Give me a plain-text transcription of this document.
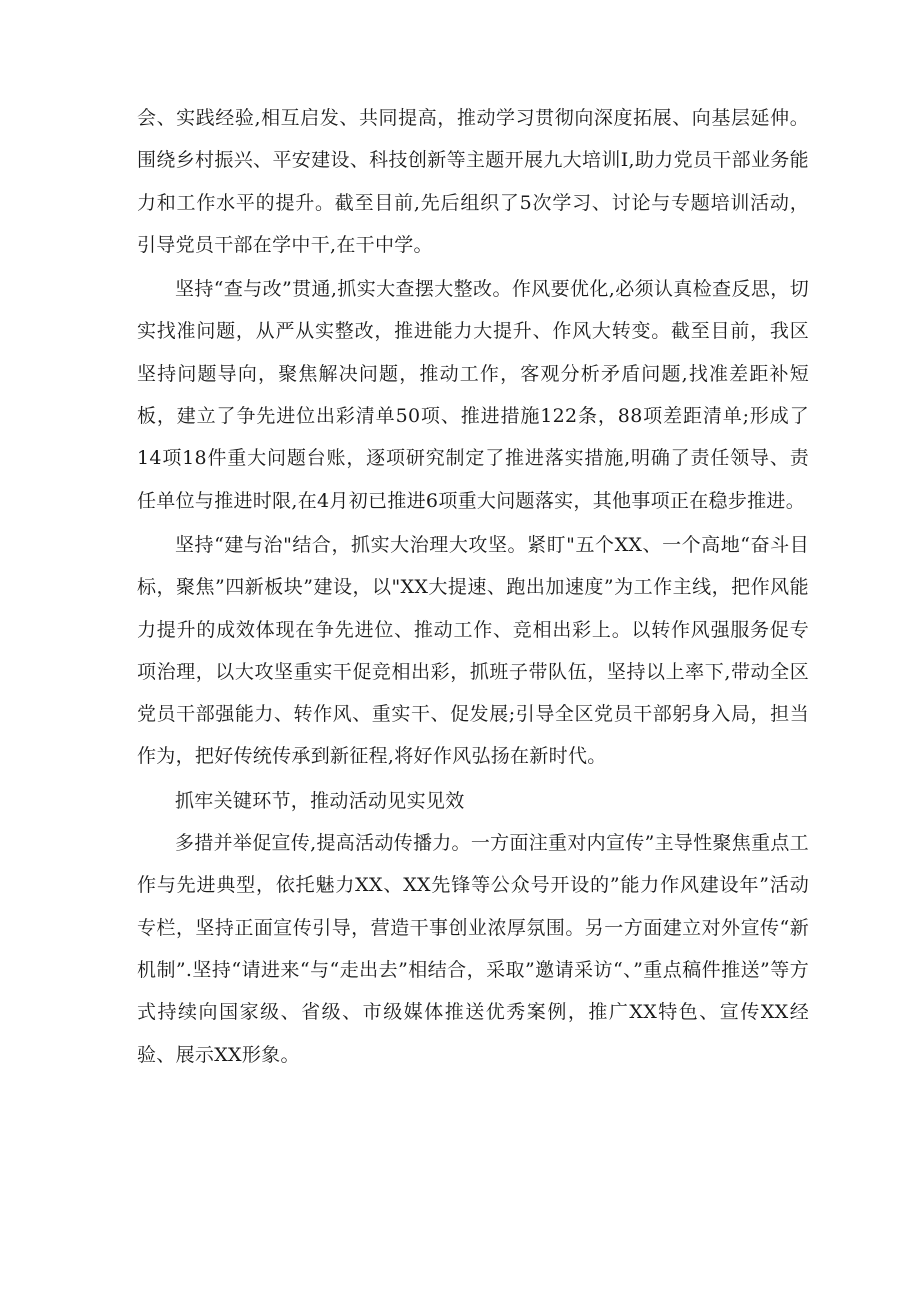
会、实践经验,相互启发、共同提高，推动学习贯彻向深度拓展、向基层延伸。围绕乡村振兴、平安建设、科技创新等主题开展九大培训I,助力党员干部业务能力和工作水平的提升。截至目前,先后组织了5次学习、讨论与专题培训活动，引导党员干部在学中干,在干中学。

坚持“查与改”贯通,抓实大查摆大整改。作风要优化,必须认真检查反思，切实找准问题，从严从实整改，推进能力大提升、作风大转变。截至目前，我区坚持问题导向，聚焦解决问题，推动工作，客观分析矛盾问题,找准差距补短板，建立了争先进位出彩清单50项、推进措施122条，88项差距清单;形成了14项18件重大问题台账，逐项研究制定了推进落实措施,明确了责任领导、责任单位与推进时限,在4月初已推进6项重大问题落实，其他事项正在稳步推进。

坚持“建与治"结合，抓实大治理大攻坚。紧盯"五个XX、一个高地“奋斗目标，聚焦”四新板块”建设，以"XX大提速、跑出加速度”为工作主线，把作风能力提升的成效体现在争先进位、推动工作、竞相出彩上。以转作风强服务促专项治理，以大攻坚重实干促竞相出彩，抓班子带队伍，坚持以上率下,带动全区党员干部强能力、转作风、重实干、促发展;引导全区党员干部躬身入局，担当作为，把好传统传承到新征程,将好作风弘扬在新时代。

抓牢关键环节，推动活动见实见效

多措并举促宣传,提高活动传播力。一方面注重对内宣传”主导性聚焦重点工作与先进典型，依托魅力XX、XX先锋等公众号开设的”能力作风建设年”活动专栏，坚持正面宣传引导，营造干事创业浓厚氛围。另一方面建立对外宣传“新机制”.坚持“请进来“与“走出去”相结合，采取”邀请采访“、”重点稿件推送”等方式持续向国家级、省级、市级媒体推送优秀案例，推广XX特色、宣传XX经验、展示XX形象。
